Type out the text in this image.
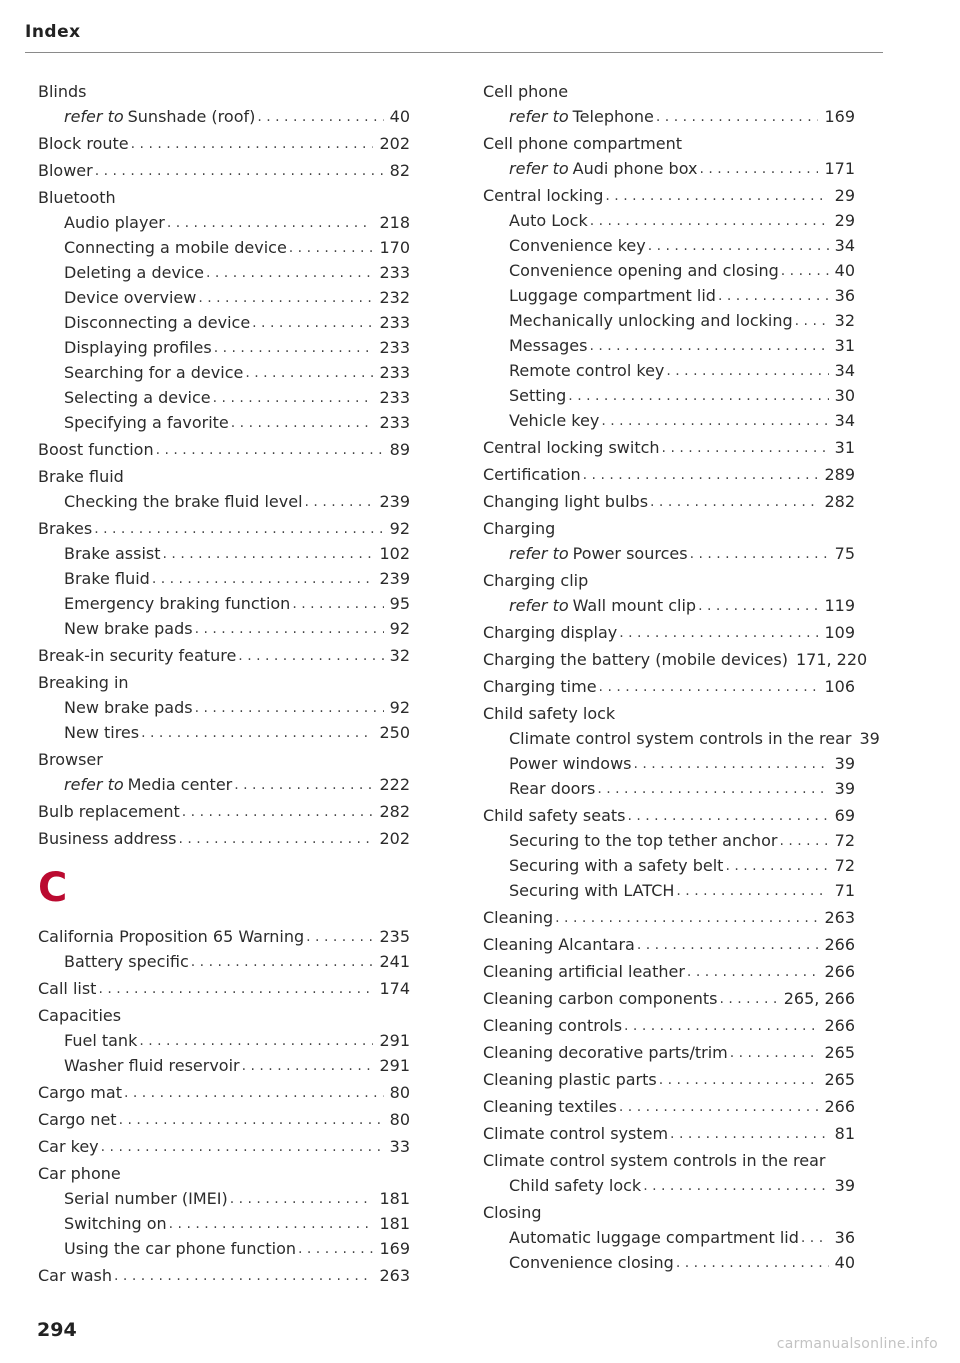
Index
Blinds
refer to Sunshade (roof) . . .	40
Block route . . .	202
Blower . . .	82
Bluetooth
Audio player . . .	218
Connecting a mobile device . . .	170
Deleting a device . . .	233
Device overview . . .	232
Disconnecting a device . . .	233
Displaying profiles . . .	233
Searching for a device . . .	233
Selecting a device . . .	233
Specifying a favorite . . .	233
Boost function . . .	89
Brake fluid
Checking the brake fluid level . . .	239
Brakes . . .	92
Brake assist . . .	102
Brake fluid . . .	239
Emergency braking function . . .	95
New brake pads . . .	92
Break-in security feature . . .	32
Breaking in
New brake pads . . .	92
New tires . . .	250
Browser
refer to Media center . . .	222
Bulb replacement . . .	282
Business address . . .	202
C
California Proposition 65 Warning . . .	235
Battery specific . . .	241
Call list . . .	174
Capacities
Fuel tank . . .	291
Washer fluid reservoir . . .	291
Cargo mat . . .	80
Cargo net . . .	80
Car key . . .	33
Car phone
Serial number (IMEI) . . .	181
Switching on . . .	181
Using the car phone function . . .	169
Car wash . . .	263
Cell phone
refer to Telephone . . .	169
Cell phone compartment
refer to Audi phone box . . .	171
Central locking . . .	29
Auto Lock . . .	29
Convenience key . . .	34
Convenience opening and closing . . .	40
Luggage compartment lid . . .	36
Mechanically unlocking and locking . . .	32
Messages . . .	31
Remote control key . . .	34
Setting . . .	30
Vehicle key . . .	34
Central locking switch . . .	31
Certification . . .	289
Changing light bulbs . . .	282
Charging
refer to Power sources . . .	75
Charging clip
refer to Wall mount clip . . .	119
Charging display . . .	109
Charging the battery (mobile devices) 171, 220
Charging time . . .	106
Child safety lock
Climate control system controls in the rear 39
Power windows . . .	39
Rear doors . . .	39
Child safety seats . . .	69
Securing to the top tether anchor . . .	72
Securing with a safety belt . . .	72
Securing with LATCH . . .	71
Cleaning . . .	263
Cleaning Alcantara . . .	266
Cleaning artificial leather . . .	266
Cleaning carbon components . . .	265, 266
Cleaning controls . . .	266
Cleaning decorative parts/trim . . .	265
Cleaning plastic parts . . .	265
Cleaning textiles . . .	266
Climate control system . . .	81
Climate control system controls in the rear
Child safety lock . . .	39
Closing
Automatic luggage compartment lid . . . 36
Convenience closing . . .	40
294
carmanualsonline.info
